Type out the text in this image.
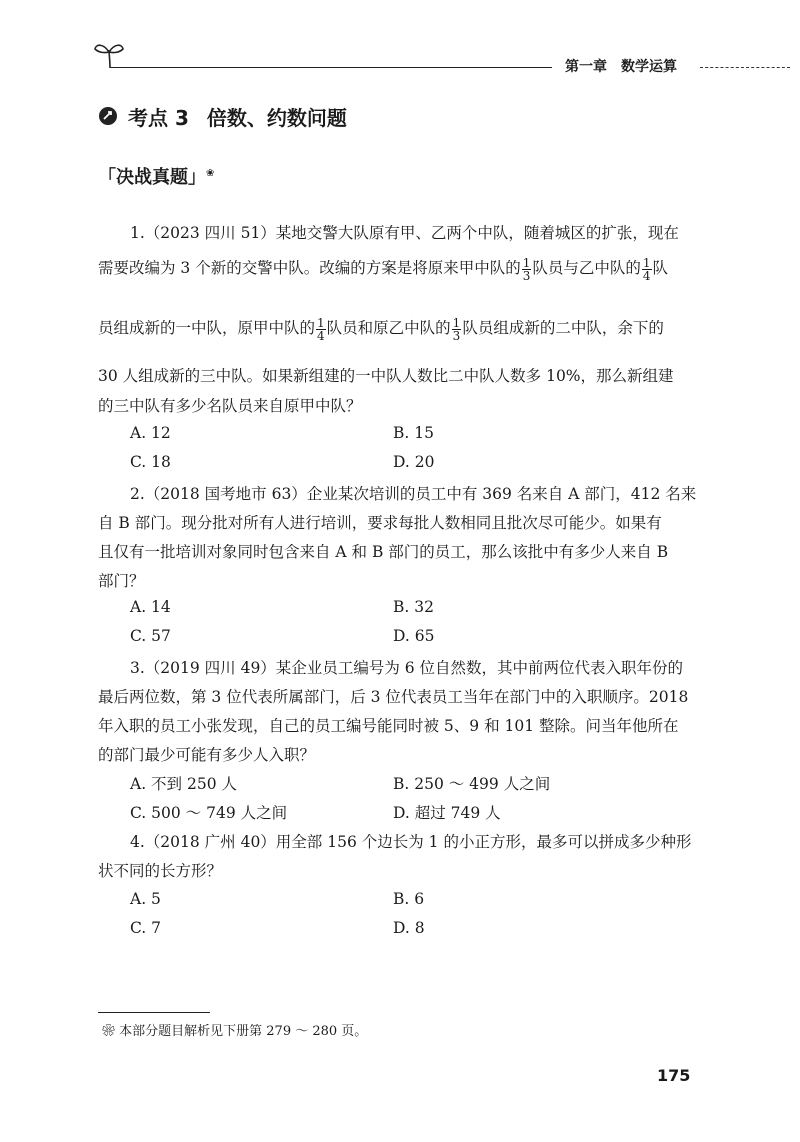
第一章　数学运算
考点 3 倍数、约数问题
「决战真题」❀
1.（2023 四川 51）某地交警大队原有甲、乙两个中队，随着城区的扩张，现在
需要改编为 3 个新的交警中队。改编的方案是将原来甲中队的 $\frac{1}{3}$ 队员与乙中队的 $\frac{1}{4}$ 队
员组成新的一中队，原甲中队的 $\frac{1}{4}$ 队员和原乙中队的 $\frac{1}{3}$ 队员组成新的二中队，余下的
30 人组成新的三中队。如果新组建的一中队人数比二中队人数多 10%，那么新组建
的三中队有多少名队员来自原甲中队？
A. 12	B. 15
C. 18	D. 20
2.（2018 国考地市 63）企业某次培训的员工中有 369 名来自 A 部门，412 名来
自 B 部门。现分批对所有人进行培训，要求每批人数相同且批次尽可能少。如果有
且仅有一批培训对象同时包含来自 A 和 B 部门的员工，那么该批中有多少人来自 B
部门？
A. 14	B. 32
C. 57	D. 65
3.（2019 四川 49）某企业员工编号为 6 位自然数，其中前两位代表入职年份的
最后两位数，第 3 位代表所属部门，后 3 位代表员工当年在部门中的入职顺序。2018
年入职的员工小张发现，自己的员工编号能同时被 5、9 和 101 整除。问当年他所在
的部门最少可能有多少人入职？
A. 不到 250 人	B. 250 ～ 499 人之间
C. 500 ～ 749 人之间	D. 超过 749 人
4.（2018 广州 40）用全部 156 个边长为 1 的小正方形，最多可以拼成多少种形
状不同的长方形？
A. 5	B. 6
C. 7	D. 8
❀ 本部分题目解析见下册第 279 ～ 280 页。
175
